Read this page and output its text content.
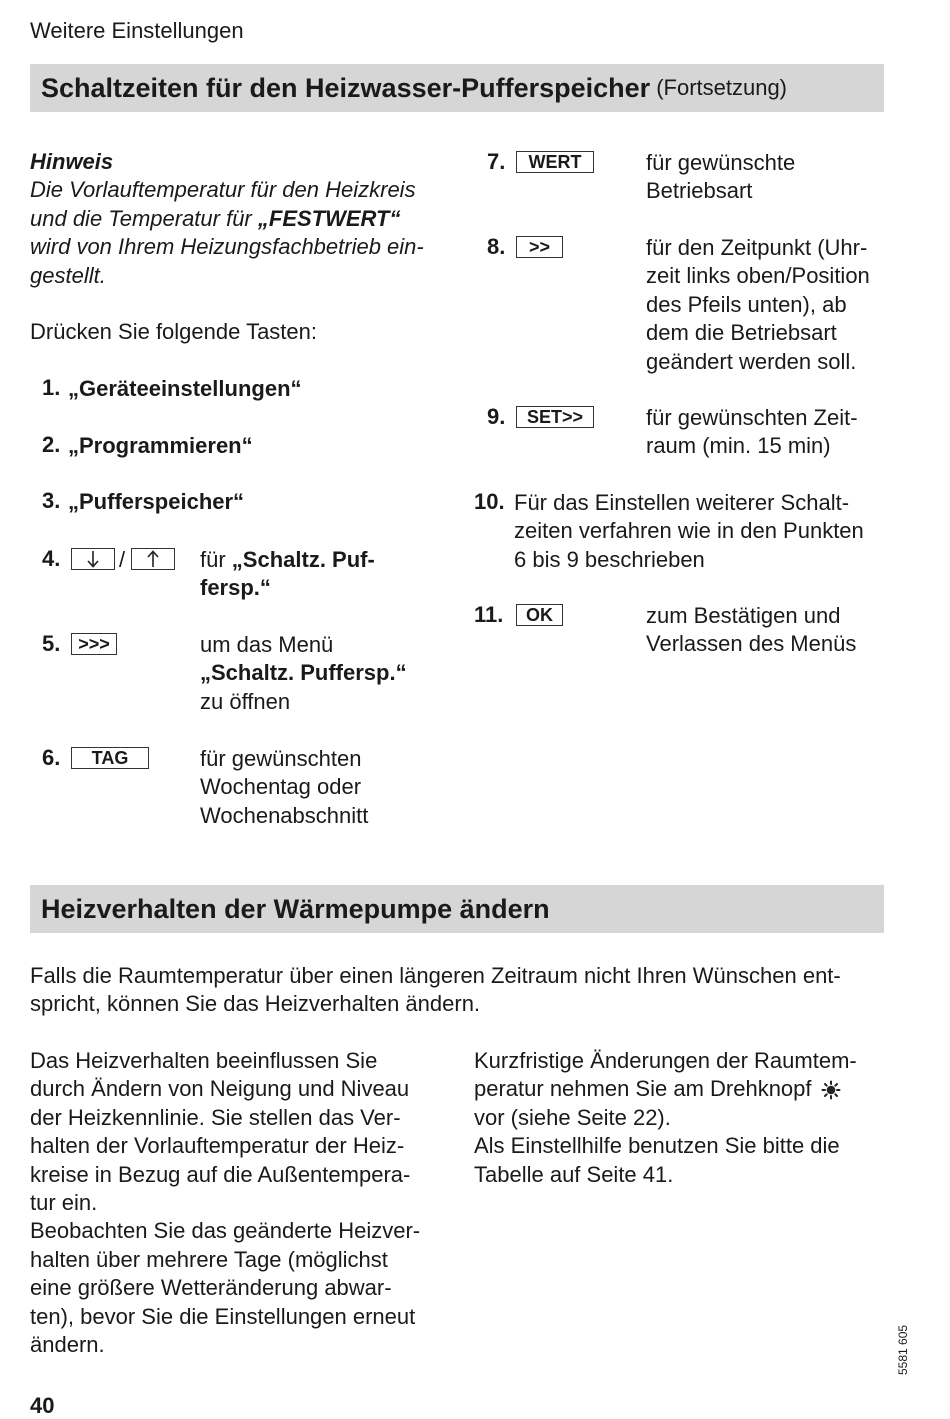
Weitere Einstellungen
Schaltzeiten für den Heizwasser-Pufferspeicher (Fortsetzung)
Hinweis
Die Vorlauftemperatur für den Heizkreis
und die Temperatur für „FESTWERT“
wird von Ihrem Heizungsfachbetrieb ein-
gestellt.
Drücken Sie folgende Tasten:
1. „Geräteeinstellungen“
2. „Programmieren“
3. „Pufferspeicher“
4.	/	für „Schaltz. Puf-
fersp.“
5. >>>	um das Menü
„Schaltz. Puffersp.“
zu öffnen
6.	TAG	für gewünschten
Wochentag oder
Wochenabschnitt
7.	WERT	für gewünschte
Betriebsart
8.	>>	für den Zeitpunkt (Uhr-
zeit links oben/Position
des Pfeils unten), ab
dem die Betriebsart
geändert werden soll.
9.	SET>>	für gewünschten Zeit-
raum (min. 15 min)
10. Für das Einstellen weiterer Schalt-
zeiten verfahren wie in den Punkten
6 bis 9 beschrieben
11.	OK	zum Bestätigen und
Verlassen des Menüs
Heizverhalten der Wärmepumpe ändern
Falls die Raumtemperatur über einen längeren Zeitraum nicht Ihren Wünschen ent-
spricht, können Sie das Heizverhalten ändern.
Das Heizverhalten beeinflussen Sie
durch Ändern von Neigung und Niveau
der Heizkennlinie. Sie stellen das Ver-
halten der Vorlauftemperatur der Heiz-
kreise in Bezug auf die Außentempera-
tur ein.
Beobachten Sie das geänderte Heizver-
halten über mehrere Tage (möglichst
eine größere Wetteränderung abwar-
ten), bevor Sie die Einstellungen erneut
ändern.
Kurzfristige Änderungen der Raumtem-
peratur nehmen Sie am Drehknopf
vor (siehe Seite 22).
Als Einstellhilfe benutzen Sie bitte die
Tabelle auf Seite 41.
5581 605
40
